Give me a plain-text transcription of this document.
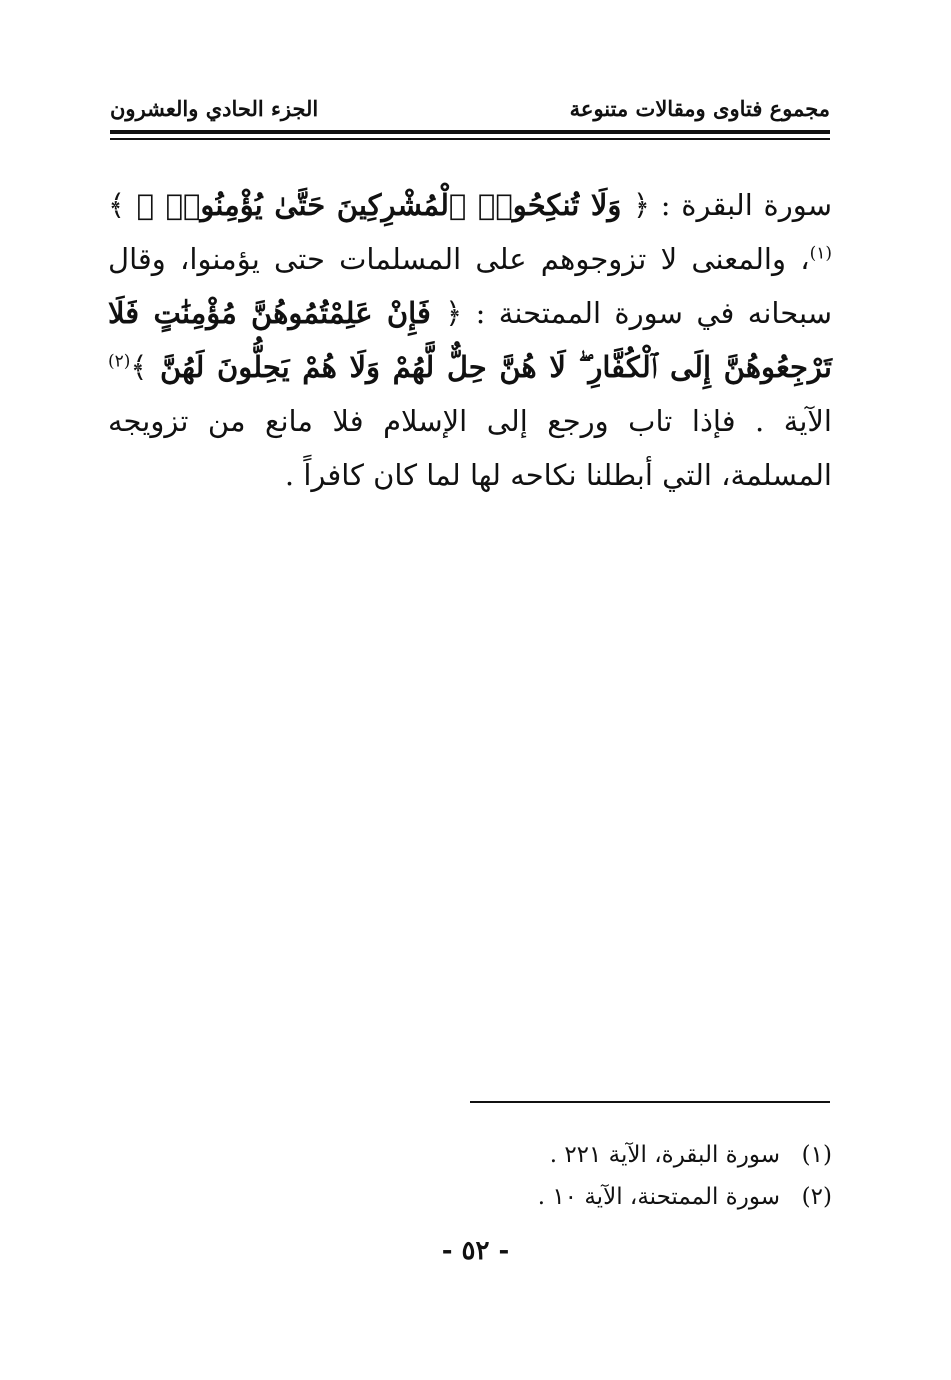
مجموع فتاوى ومقالات متنوعة
الجزء الحادي والعشرون

سورة البقرة : ﴿ وَلَا تُنكِحُوا۟ ٱلْمُشْرِكِينَ حَتَّىٰ يُؤْمِنُوا۟ ۚ ﴾$^{(١)}$، والمعنى لا تزوجوهم على المسلمات حتى يؤمنوا، وقال سبحانه في سورة الممتحنة : ﴿ فَإِنْ عَلِمْتُمُوهُنَّ مُؤْمِنَٰتٍ فَلَا تَرْجِعُوهُنَّ إِلَى ٱلْكُفَّارِ ۖ لَا هُنَّ حِلٌّ لَّهُمْ وَلَا هُمْ يَحِلُّونَ لَهُنَّ ﴾$^{(٢)}$ الآية . فإذا تاب ورجع إلى الإسلام فلا مانع من تزويجه المسلمة، التي أبطلنا نكاحه لها لما كان كافراً .

(١)
سورة البقرة، الآية ٢٢١ .
(٢)
سورة الممتحنة، الآية ١٠ .
- ٥٢ -
